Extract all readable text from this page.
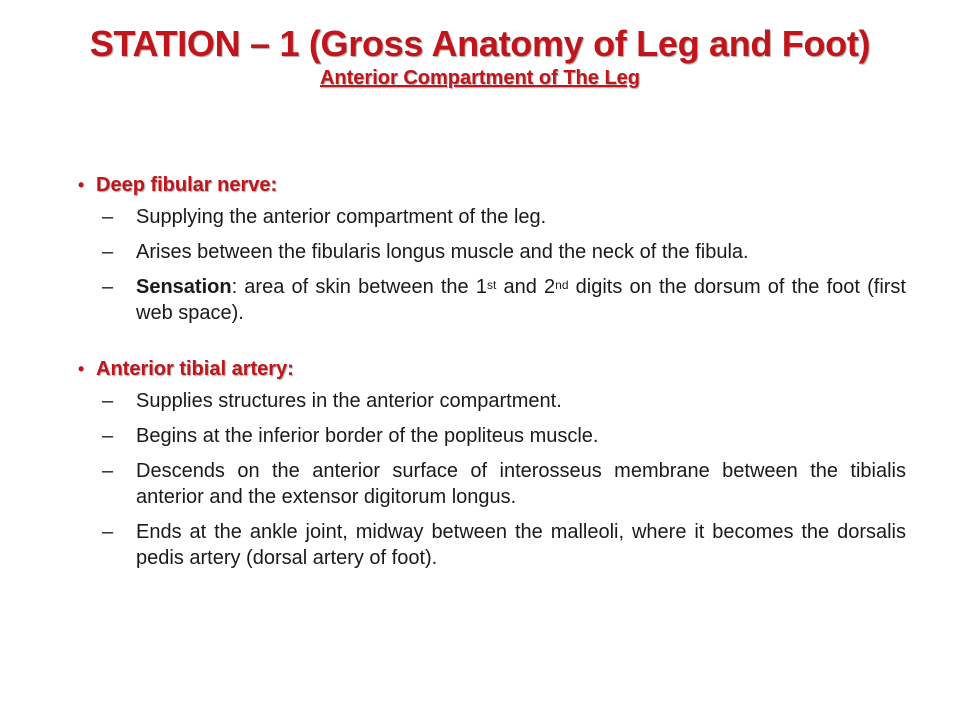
STATION – 1 (Gross Anatomy of Leg and Foot)
Anterior Compartment of The Leg
• Deep fibular nerve:
– Supplying the anterior compartment of the leg.
– Arises between the fibularis longus muscle and the neck of the fibula.
– Sensation: area of skin between the 1st and 2nd digits on the dorsum of the foot (first web space).
• Anterior tibial artery:
– Supplies structures in the anterior compartment.
– Begins at the inferior border of the popliteus muscle.
– Descends on the anterior surface of interosseus membrane between the tibialis anterior and the extensor digitorum longus.
– Ends at the ankle joint, midway between the malleoli, where it becomes the dorsalis pedis artery (dorsal artery of foot).
